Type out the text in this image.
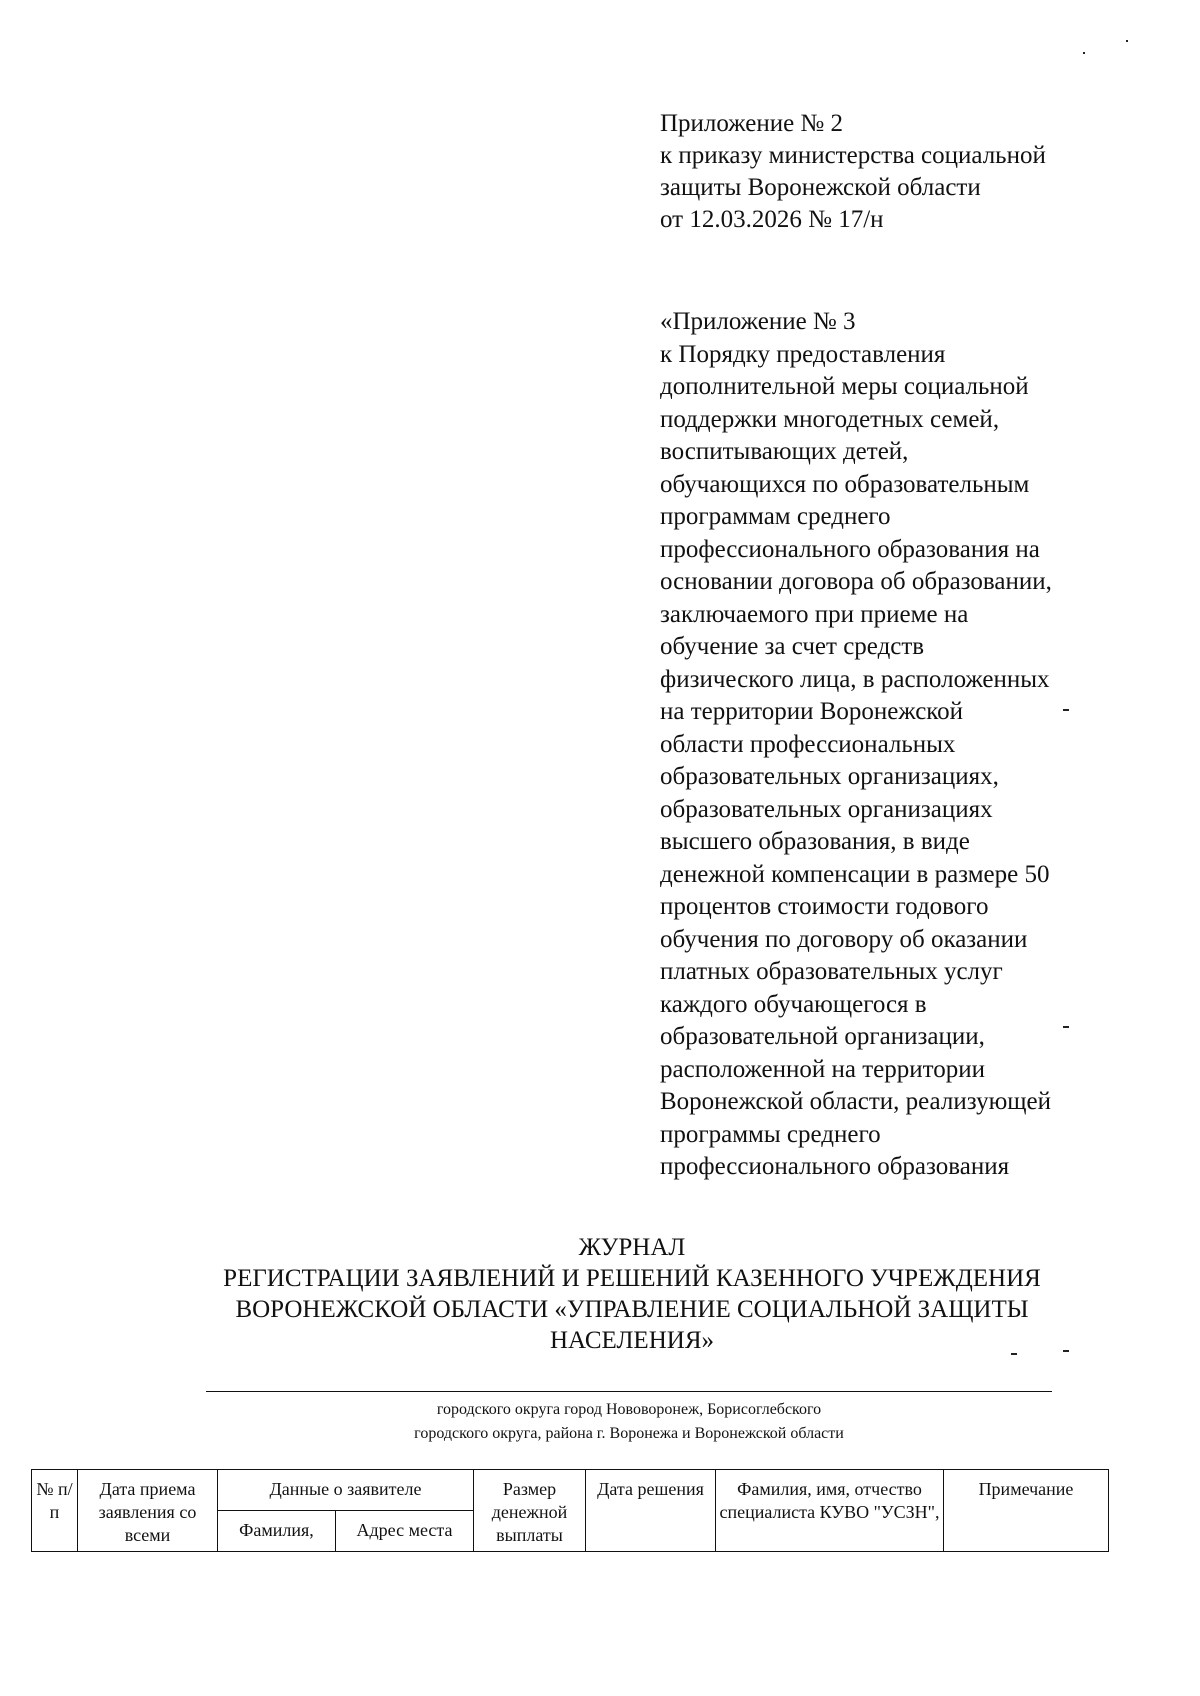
Приложение № 2
к приказу министерства социальной
защиты Воронежской области
от 12.03.2026 № 17/н
«Приложение № 3
к Порядку предоставления
дополнительной меры социальной
поддержки многодетных семей,
воспитывающих детей,
обучающихся по образовательным
программам среднего
профессионального образования на
основании договора об образовании,
заключаемого при приеме на
обучение за счет средств
физического лица, в расположенных
на территории Воронежской
области профессиональных
образовательных организациях,
образовательных организациях
высшего образования, в виде
денежной компенсации в размере 50
процентов стоимости годового
обучения по договору об оказании
платных образовательных услуг
каждого обучающегося в
образовательной организации,
расположенной на территории
Воронежской области, реализующей
программы среднего
профессионального образования
ЖУРНАЛ
РЕГИСТРАЦИИ ЗАЯВЛЕНИЙ И РЕШЕНИЙ КАЗЕННОГО УЧРЕЖДЕНИЯ
ВОРОНЕЖСКОЙ ОБЛАСТИ «УПРАВЛЕНИЕ СОЦИАЛЬНОЙ ЗАЩИТЫ
НАСЕЛЕНИЯ»
городского округа город Нововоронеж, Борисоглебского
городского округа, района г. Воронежа и Воронежской области
№ п/п	Дата приема заявления со всеми	Данные о заявителе		Размер денежной выплаты	Дата решения	Фамилия, имя, отчество специалиста КУВО "УСЗН",	Примечание
		Фамилия,	Адрес места				
